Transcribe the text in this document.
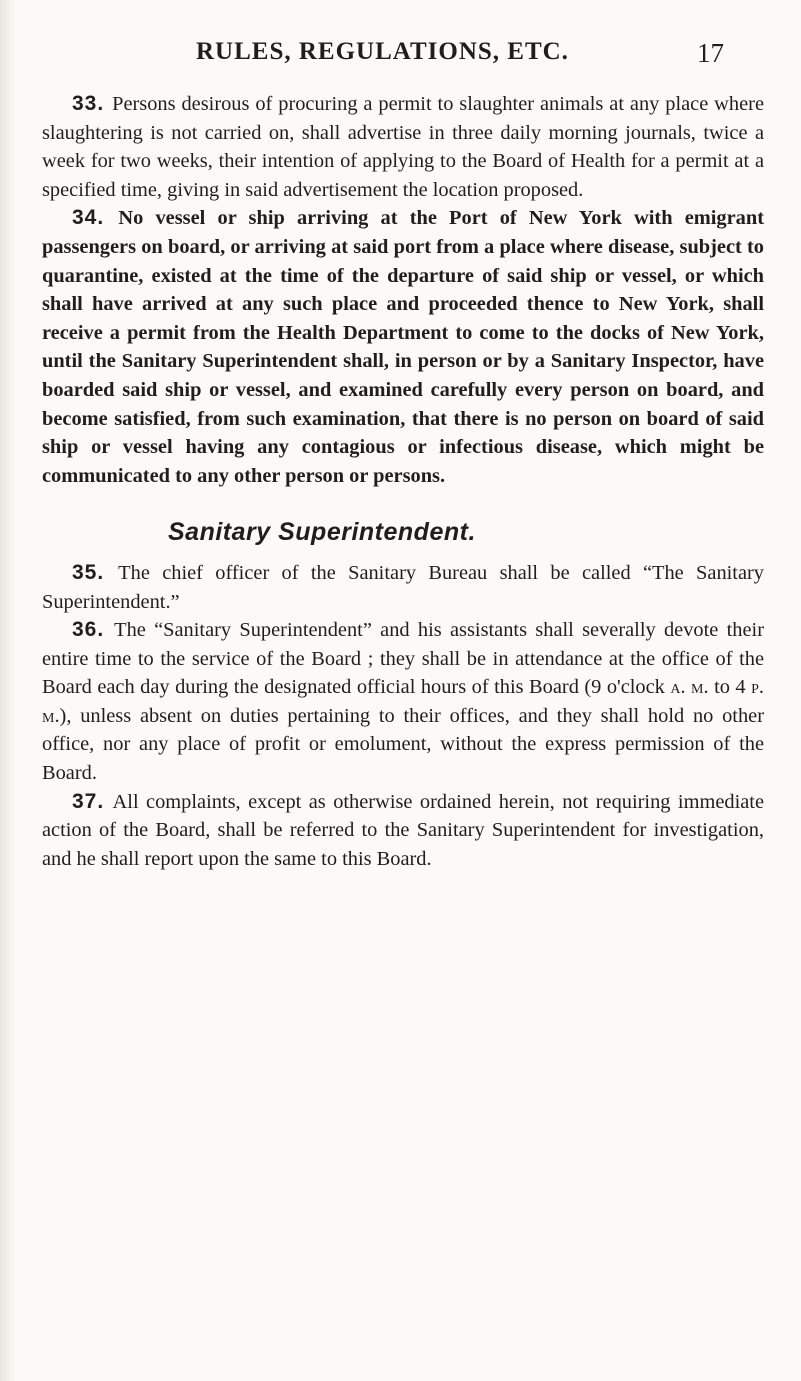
RULES, REGULATIONS, ETC.	17

33. Persons desirous of procuring a permit to slaughter animals at any place where slaughtering is not carried on, shall advertise in three daily morning journals, twice a week for two weeks, their intention of applying to the Board of Health for a permit at a specified time, giving in said advertisement the location proposed.

34. No vessel or ship arriving at the Port of New York with emigrant passengers on board, or arriving at said port from a place where disease, subject to quarantine, existed at the time of the departure of said ship or vessel, or which shall have arrived at any such place and proceeded thence to New York, shall receive a permit from the Health Department to come to the docks of New York, until the Sanitary Superintendent shall, in person or by a Sanitary Inspector, have boarded said ship or vessel, and examined carefully every person on board, and become satisfied, from such examination, that there is no person on board of said ship or vessel having any contagious or infectious disease, which might be communicated to any other person or persons.

Sanitary Superintendent.

35. The chief officer of the Sanitary Bureau shall be called “The Sanitary Superintendent.”

36. The “Sanitary Superintendent” and his assistants shall severally devote their entire time to the service of the Board ; they shall be in attendance at the office of the Board each day during the designated official hours of this Board (9 o'clock a. m. to 4 p. m.), unless absent on duties pertaining to their offices, and they shall hold no other office, nor any place of profit or emolument, without the express permission of the Board.

37. All complaints, except as otherwise ordained herein, not requiring immediate action of the Board, shall be referred to the Sanitary Superintendent for investigation, and he shall report upon the same to this Board.
